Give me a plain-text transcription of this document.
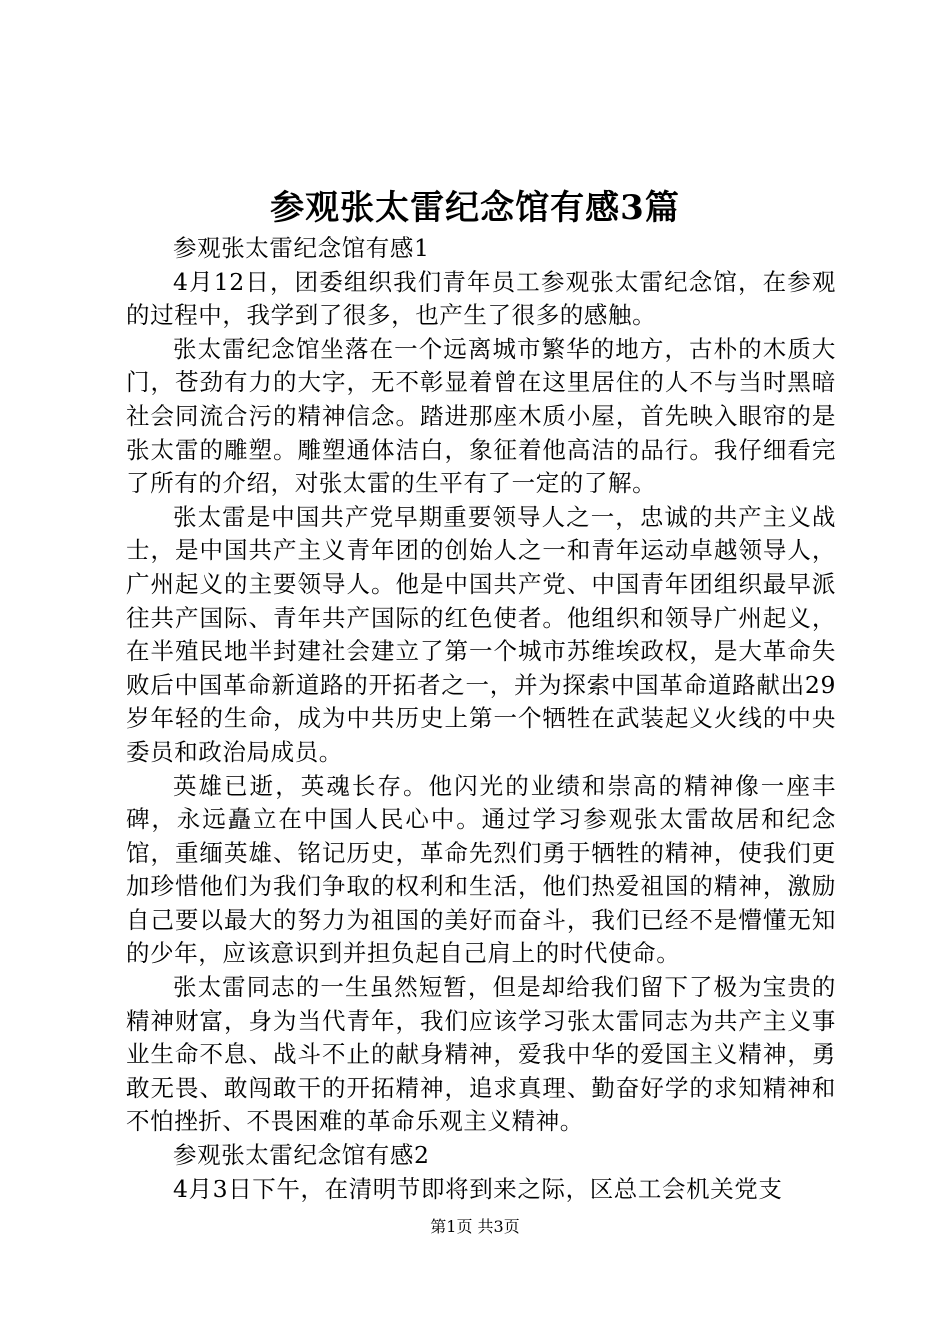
参观张太雷纪念馆有感3篇

参观张太雷纪念馆有感1

4月12日，团委组织我们青年员工参观张太雷纪念馆，在参观的过程中，我学到了很多，也产生了很多的感触。

张太雷纪念馆坐落在一个远离城市繁华的地方，古朴的木质大门，苍劲有力的大字，无不彰显着曾在这里居住的人不与当时黑暗社会同流合污的精神信念。踏进那座木质小屋，首先映入眼帘的是张太雷的雕塑。雕塑通体洁白，象征着他高洁的品行。我仔细看完了所有的介绍，对张太雷的生平有了一定的了解。

张太雷是中国共产党早期重要领导人之一，忠诚的共产主义战士，是中国共产主义青年团的创始人之一和青年运动卓越领导人，广州起义的主要领导人。他是中国共产党、中国青年团组织最早派往共产国际、青年共产国际的红色使者。他组织和领导广州起义，在半殖民地半封建社会建立了第一个城市苏维埃政权，是大革命失败后中国革命新道路的开拓者之一，并为探索中国革命道路献出29岁年轻的生命，成为中共历史上第一个牺牲在武装起义火线的中央委员和政治局成员。

英雄已逝，英魂长存。他闪光的业绩和崇高的精神像一座丰碑，永远矗立在中国人民心中。通过学习参观张太雷故居和纪念馆，重缅英雄、铭记历史，革命先烈们勇于牺牲的精神，使我们更加珍惜他们为我们争取的权利和生活，他们热爱祖国的精神，激励自己要以最大的努力为祖国的美好而奋斗，我们已经不是懵懂无知的少年，应该意识到并担负起自己肩上的时代使命。

张太雷同志的一生虽然短暂，但是却给我们留下了极为宝贵的精神财富，身为当代青年，我们应该学习张太雷同志为共产主义事业生命不息、战斗不止的献身精神，爱我中华的爱国主义精神，勇敢无畏、敢闯敢干的开拓精神，追求真理、勤奋好学的求知精神和不怕挫折、不畏困难的革命乐观主义精神。

参观张太雷纪念馆有感2

4月3日下午，在清明节即将到来之际，区总工会机关党支

第1页 共3页
